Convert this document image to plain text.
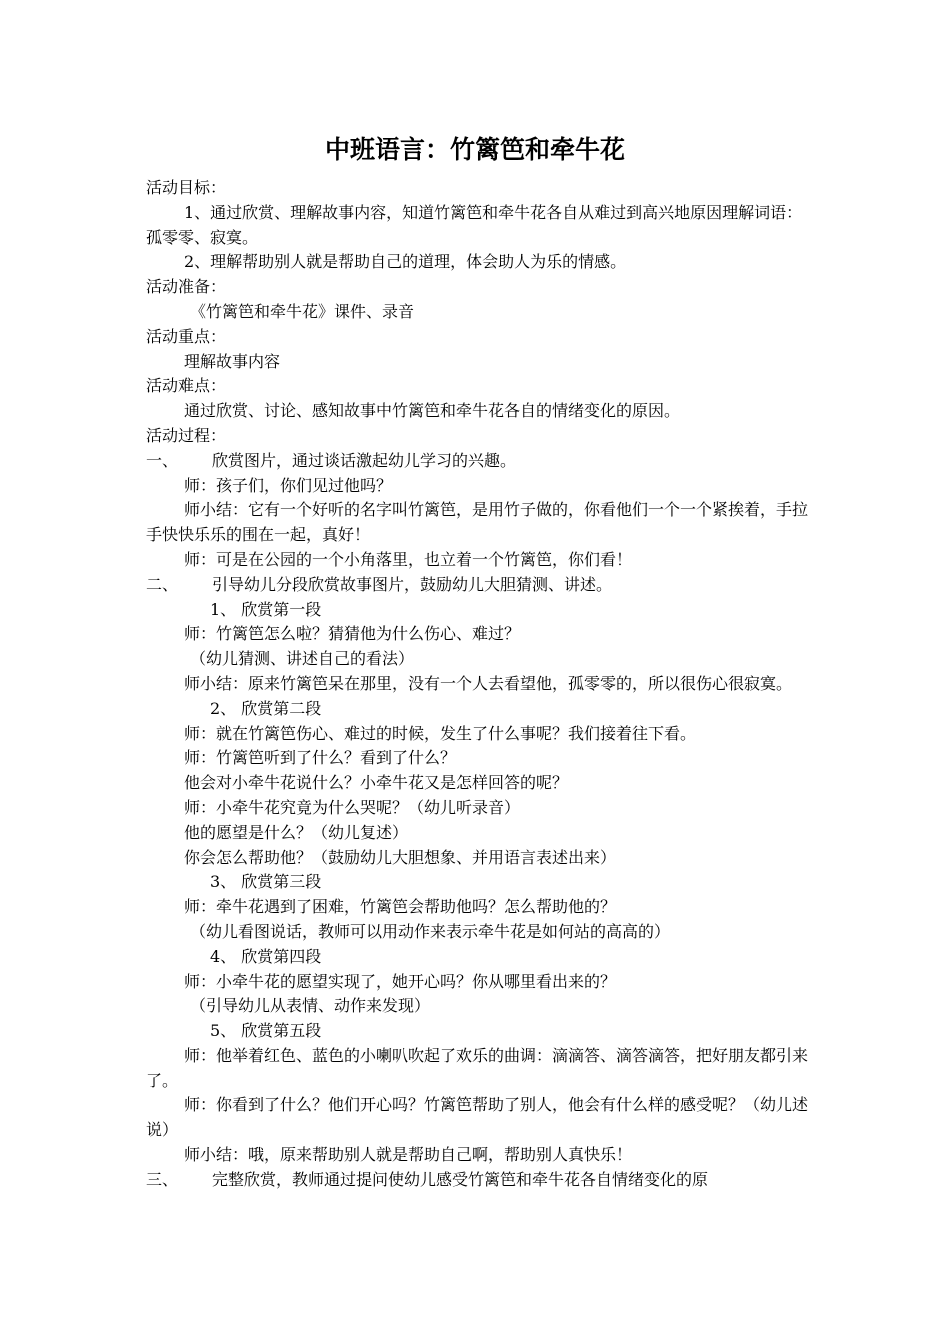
中班语言：竹篱笆和牵牛花

活动目标：

1、通过欣赏、理解故事内容，知道竹篱笆和牵牛花各自从难过到高兴地原因理解词语：孤零零、寂寞。

2、理解帮助别人就是帮助自己的道理，体会助人为乐的情感。

活动准备：

《竹篱笆和牵牛花》课件、录音

活动重点：

理解故事内容

活动难点：

通过欣赏、讨论、感知故事中竹篱笆和牵牛花各自的情绪变化的原因。

活动过程：

一、	欣赏图片，通过谈话激起幼儿学习的兴趣。

师：孩子们，你们见过他吗？

师小结：它有一个好听的名字叫竹篱笆，是用竹子做的，你看他们一个一个紧挨着，手拉手快快乐乐的围在一起，真好！

师：可是在公园的一个小角落里，也立着一个竹篱笆，你们看！

二、	引导幼儿分段欣赏故事图片，鼓励幼儿大胆猜测、讲述。

1、 欣赏第一段

师：竹篱笆怎么啦？猜猜他为什么伤心、难过？

（幼儿猜测、讲述自己的看法）

师小结：原来竹篱笆呆在那里，没有一个人去看望他，孤零零的，所以很伤心很寂寞。

2、 欣赏第二段

师：就在竹篱笆伤心、难过的时候，发生了什么事呢？我们接着往下看。

师：竹篱笆听到了什么？看到了什么？

他会对小牵牛花说什么？小牵牛花又是怎样回答的呢？

师：小牵牛花究竟为什么哭呢？（幼儿听录音）

他的愿望是什么？（幼儿复述）

你会怎么帮助他？（鼓励幼儿大胆想象、并用语言表述出来）

3、 欣赏第三段

师：牵牛花遇到了困难，竹篱笆会帮助他吗？怎么帮助他的？

（幼儿看图说话，教师可以用动作来表示牵牛花是如何站的高高的）

4、 欣赏第四段

师：小牵牛花的愿望实现了，她开心吗？你从哪里看出来的？

（引导幼儿从表情、动作来发现）

5、 欣赏第五段

师：他举着红色、蓝色的小喇叭吹起了欢乐的曲调：滴滴答、滴答滴答，把好朋友都引来了。

师：你看到了什么？他们开心吗？竹篱笆帮助了别人，他会有什么样的感受呢？（幼儿述说）

师小结：哦，原来帮助别人就是帮助自己啊，帮助别人真快乐！

三、	完整欣赏，教师通过提问使幼儿感受竹篱笆和牵牛花各自情绪变化的原
